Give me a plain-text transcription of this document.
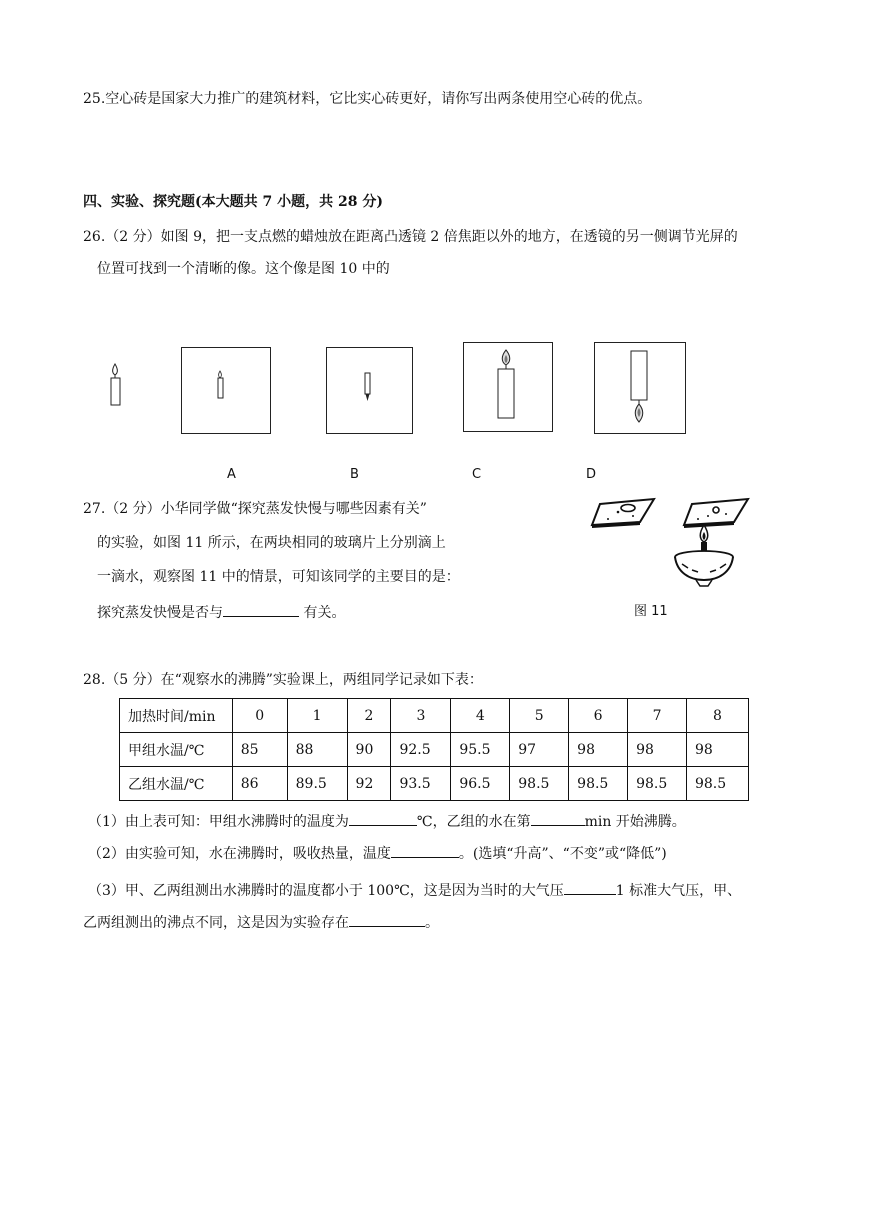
25.空心砖是国家大力推广的建筑材料，它比实心砖更好，请你写出两条使用空心砖的优点。
四、实验、探究题(本大题共 7 小题，共 28 分)
26.（2 分）如图 9，把一支点燃的蜡烛放在距离凸透镜 2 倍焦距以外的地方，在透镜的另一侧调节光屏的
位置可找到一个清晰的像。这个像是图 10 中的
A	B	C	D
27.（2 分）小华同学做“探究蒸发快慢与哪些因素有关”
的实验，如图 11 所示，在两块相同的玻璃片上分别滴上
一滴水，观察图 11 中的情景，可知该同学的主要目的是：
探究蒸发快慢是否与	有关。	图 11
28.（5 分）在“观察水的沸腾”实验课上，两组同学记录如下表：
加热时间/min	0	1	2	3	4	5	6	7	8
甲组水温/℃	85	88	90	92.5	95.5	97	98	98	98
乙组水温/℃	86	89.5	92	93.5	96.5	98.5	98.5	98.5	98.5
（1）由上表可知：甲组水沸腾时的温度为	℃，乙组的水在第	min 开始沸腾。
（2）由实验可知，水在沸腾时，吸收热量，温度	。(选填“升高”、“不变”或“降低”)
（3）甲、乙两组测出水沸腾时的温度都小于 100℃，这是因为当时的大气压	1 标准大气压，甲、
乙两组测出的沸点不同，这是因为实验存在	。
